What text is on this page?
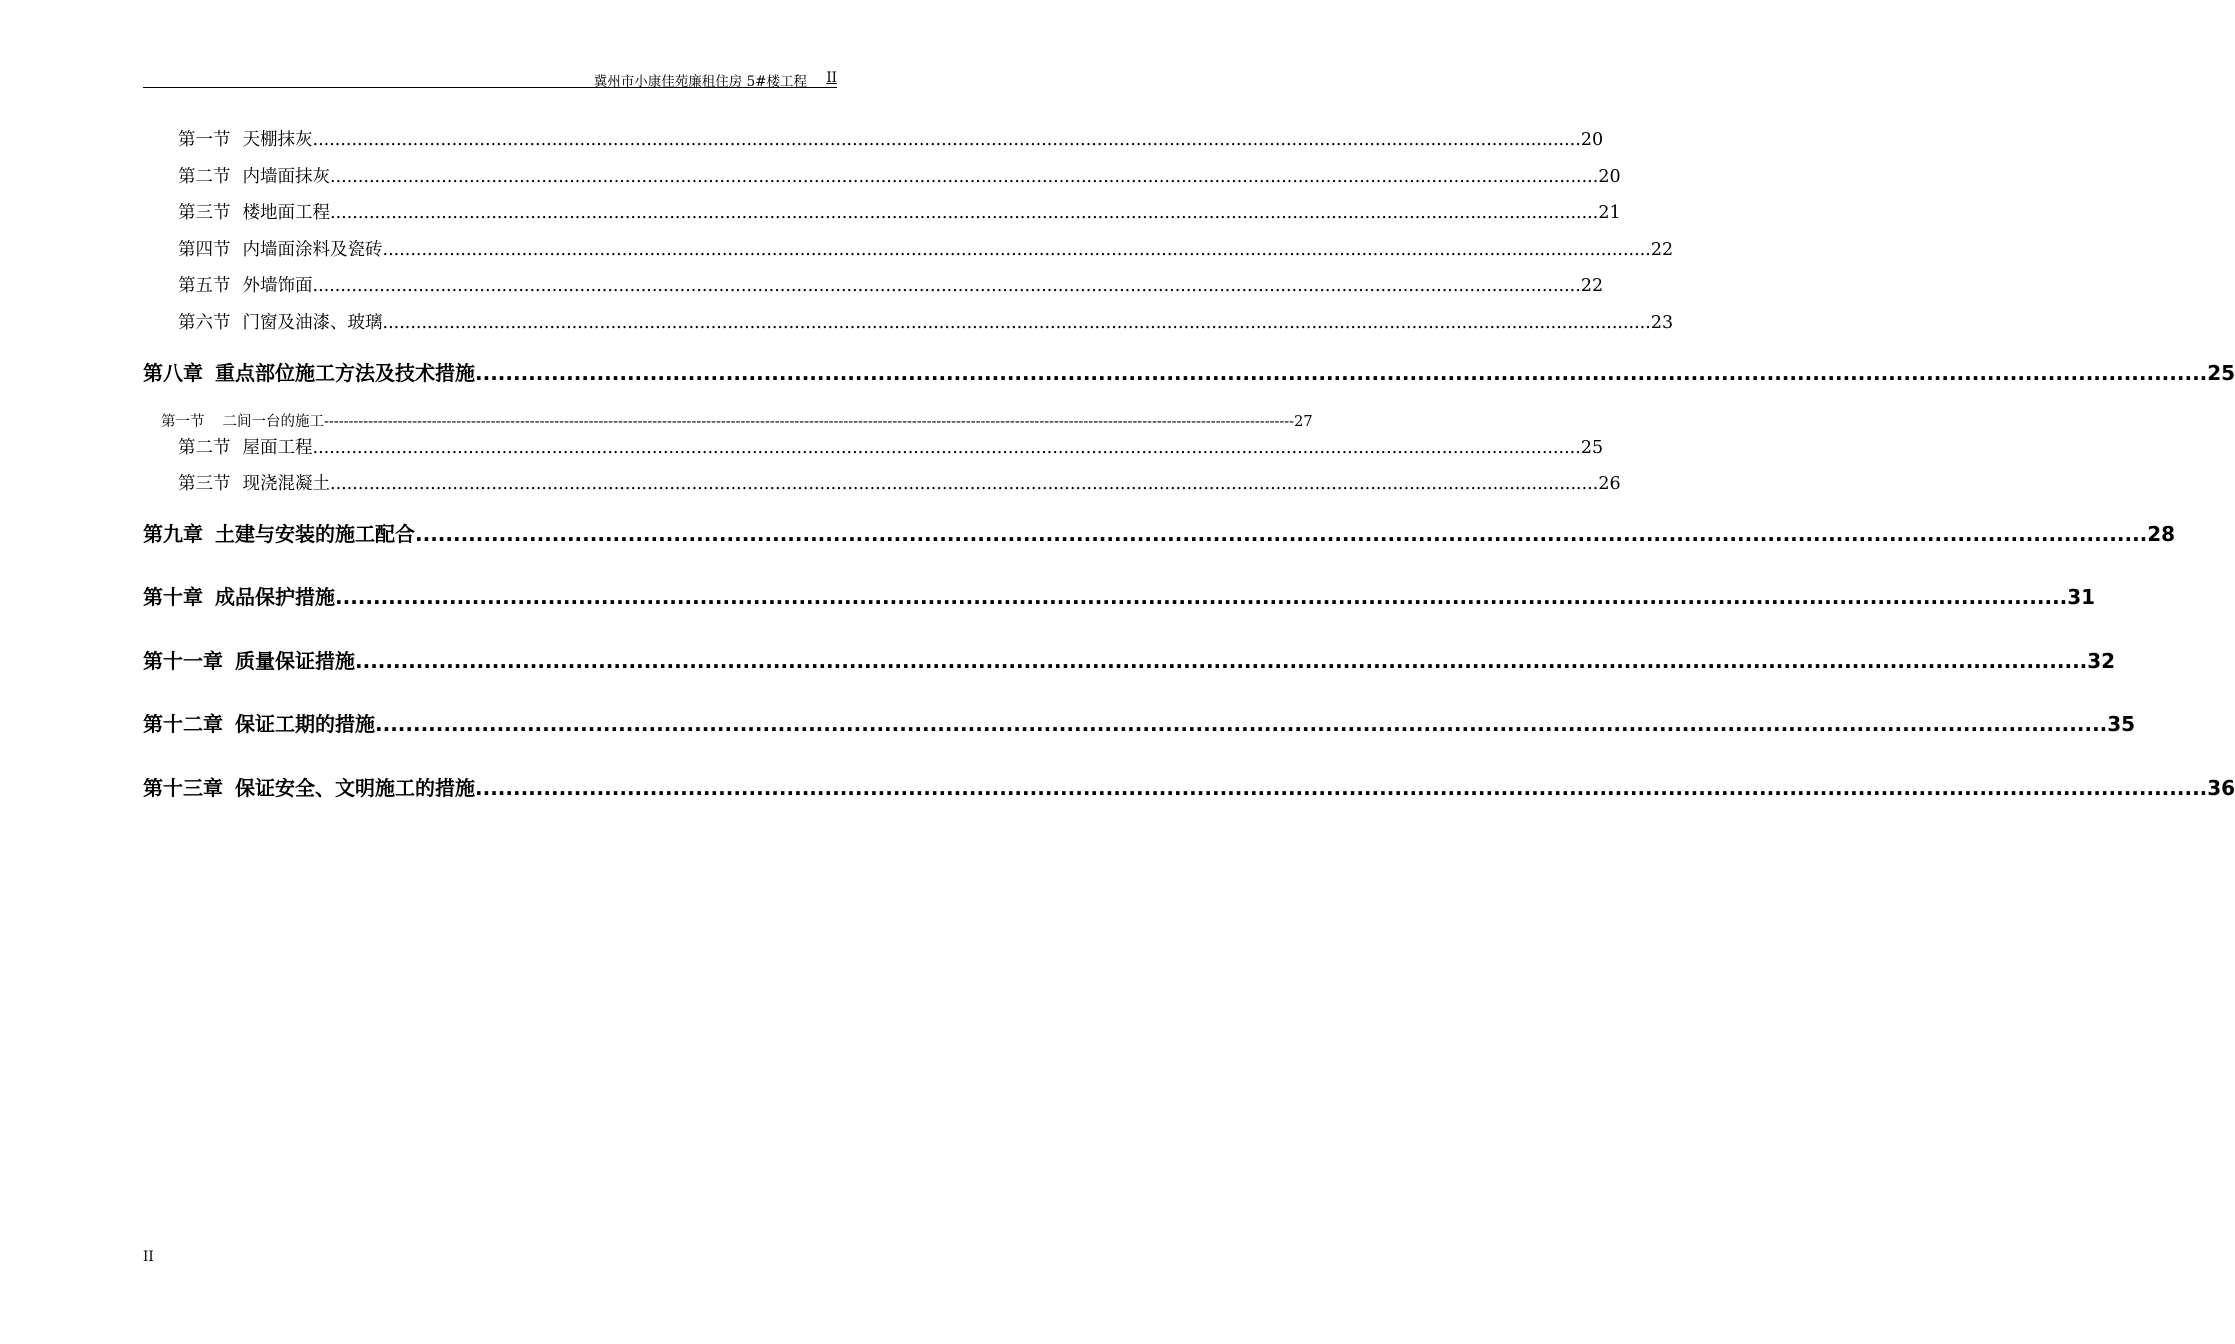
冀州市小康佳苑廉租住房 5#楼工程 II
第一节 天棚抹灰 .................................................................................................................................................................................................................................... 20
第二节 内墙面抹灰 .................................................................................................................................................................................................................................... 20
第三节 楼地面工程 .................................................................................................................................................................................................................................... 21
第四节 内墙面涂料及瓷砖 .................................................................................................................................................................................................................................... 22
第五节 外墙饰面 .................................................................................................................................................................................................................................... 22
第六节 门窗及油漆、玻璃 .................................................................................................................................................................................................................................... 23
第八章 重点部位施工方法及技术措施 .................................................................................................................................................................................................................................... 25
第一节 二间一台的施工 ------------------------------------------------------------------------------------------------------------------------------------------------------------------------------------------------------ 27
第二节 屋面工程 .................................................................................................................................................................................................................................... 25
第三节 现浇混凝土 .................................................................................................................................................................................................................................... 26
第九章 土建与安装的施工配合 .................................................................................................................................................................................................................................... 28
第十章 成品保护措施 .................................................................................................................................................................................................................................... 31
第十一章 质量保证措施 .................................................................................................................................................................................................................................... 32
第十二章 保证工期的措施 .................................................................................................................................................................................................................................... 35
第十三章 保证安全、文明施工的措施 .................................................................................................................................................................................................................................... 36
II
